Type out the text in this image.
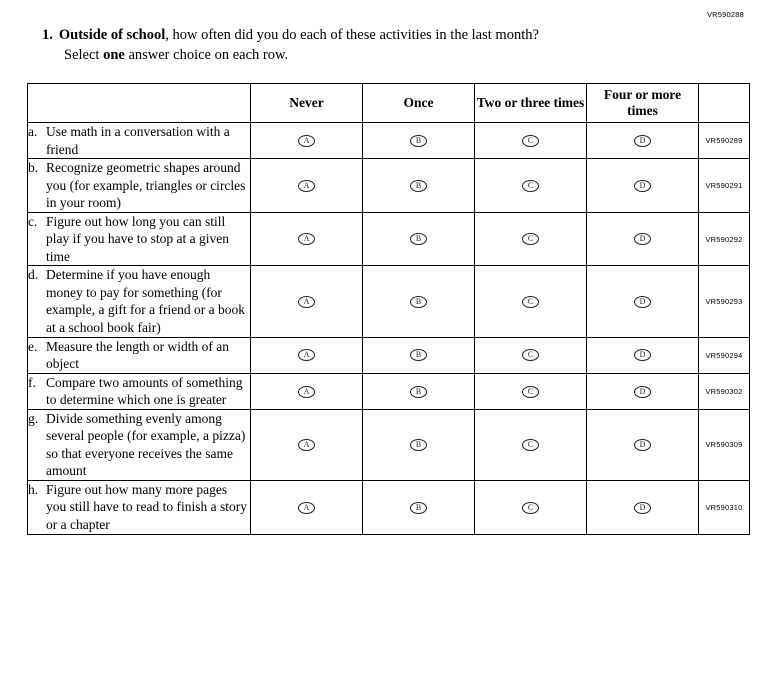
VR590288
1. Outside of school, how often did you do each of these activities in the last month?
Select one answer choice on each row.
	Never	Once	Two or three times	Four or more times	

a. Use math in a conversation with a friend	A	B	C	D	VR590289

b. Recognize geometric shapes around you (for example, triangles or circles in your room)	A	B	C	D	VR590291

c. Figure out how long you can still play if you have to stop at a given time	A	B	C	D	VR590292

d. Determine if you have enough money to pay for something (for example, a gift for a friend or a book at a school book fair)	A	B	C	D	VR590293

e. Measure the length or width of an object	A	B	C	D	VR590294

f. Compare two amounts of something to determine which one is greater	A	B	C	D	VR590302

g. Divide something evenly among several people (for example, a pizza) so that everyone receives the same amount	A	B	C	D	VR590309

h. Figure out how many more pages you still have to read to finish a story or a chapter	A	B	C	D	VR590310
